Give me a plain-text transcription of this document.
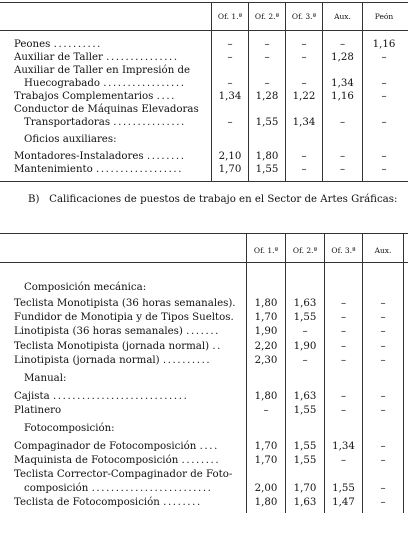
Of. 1.ª	Of. 2.ª	Of. 3.ª	Aux.	Peón
Peones ..........	–	–	–	–	1,16
Auxiliar de Taller ...............	–	–	–	1,28	–
Auxiliar de Taller en Impresión de
Huecograbado .................	–	–	–	1,34	–
Trabajos Complementarios ....	1,34	1,28	1,22	1,16	–
Conductor de Máquinas Elevadoras
Transportadoras ...............	–	1,55	1,34	–	–
Oficios auxiliares:
Montadores-Instaladores ........	2,10	1,80	–	–	–
Mantenimiento ..................	1,70	1,55	–	–	–
B)   Calificaciones de puestos de trabajo en el Sector de Artes Gráficas:
Of. 1.ª	Of. 2.ª	Of. 3.ª	Aux.
Composición mecánica:
Teclista Monotipista (36 horas semanales).	1,80	1,63	–	–
Fundidor de Monotipia y de Tipos Sueltos.	1,70	1,55	–	–
Linotipista (36 horas semanales) .......	1,90	–	–	–
Teclista Monotipista (jornada normal) ..	2,20	1,90	–	–
Linotipista (jornada normal) ..........	2,30	–	–	–
Manual:
Cajista ............................	1,80	1,63	–	–
Platinero	–	1,55	–	–
Fotocomposición:
Compaginador de Fotocomposición ....	1,70	1,55	1,34	–
Maquinista de Fotocomposición ........	1,70	1,55	–	–
Teclista Corrector-Compaginador de Foto-
composición .........................	2,00	1,70	1,55	–
Teclista de Fotocomposición ........	1,80	1,63	1,47	–
